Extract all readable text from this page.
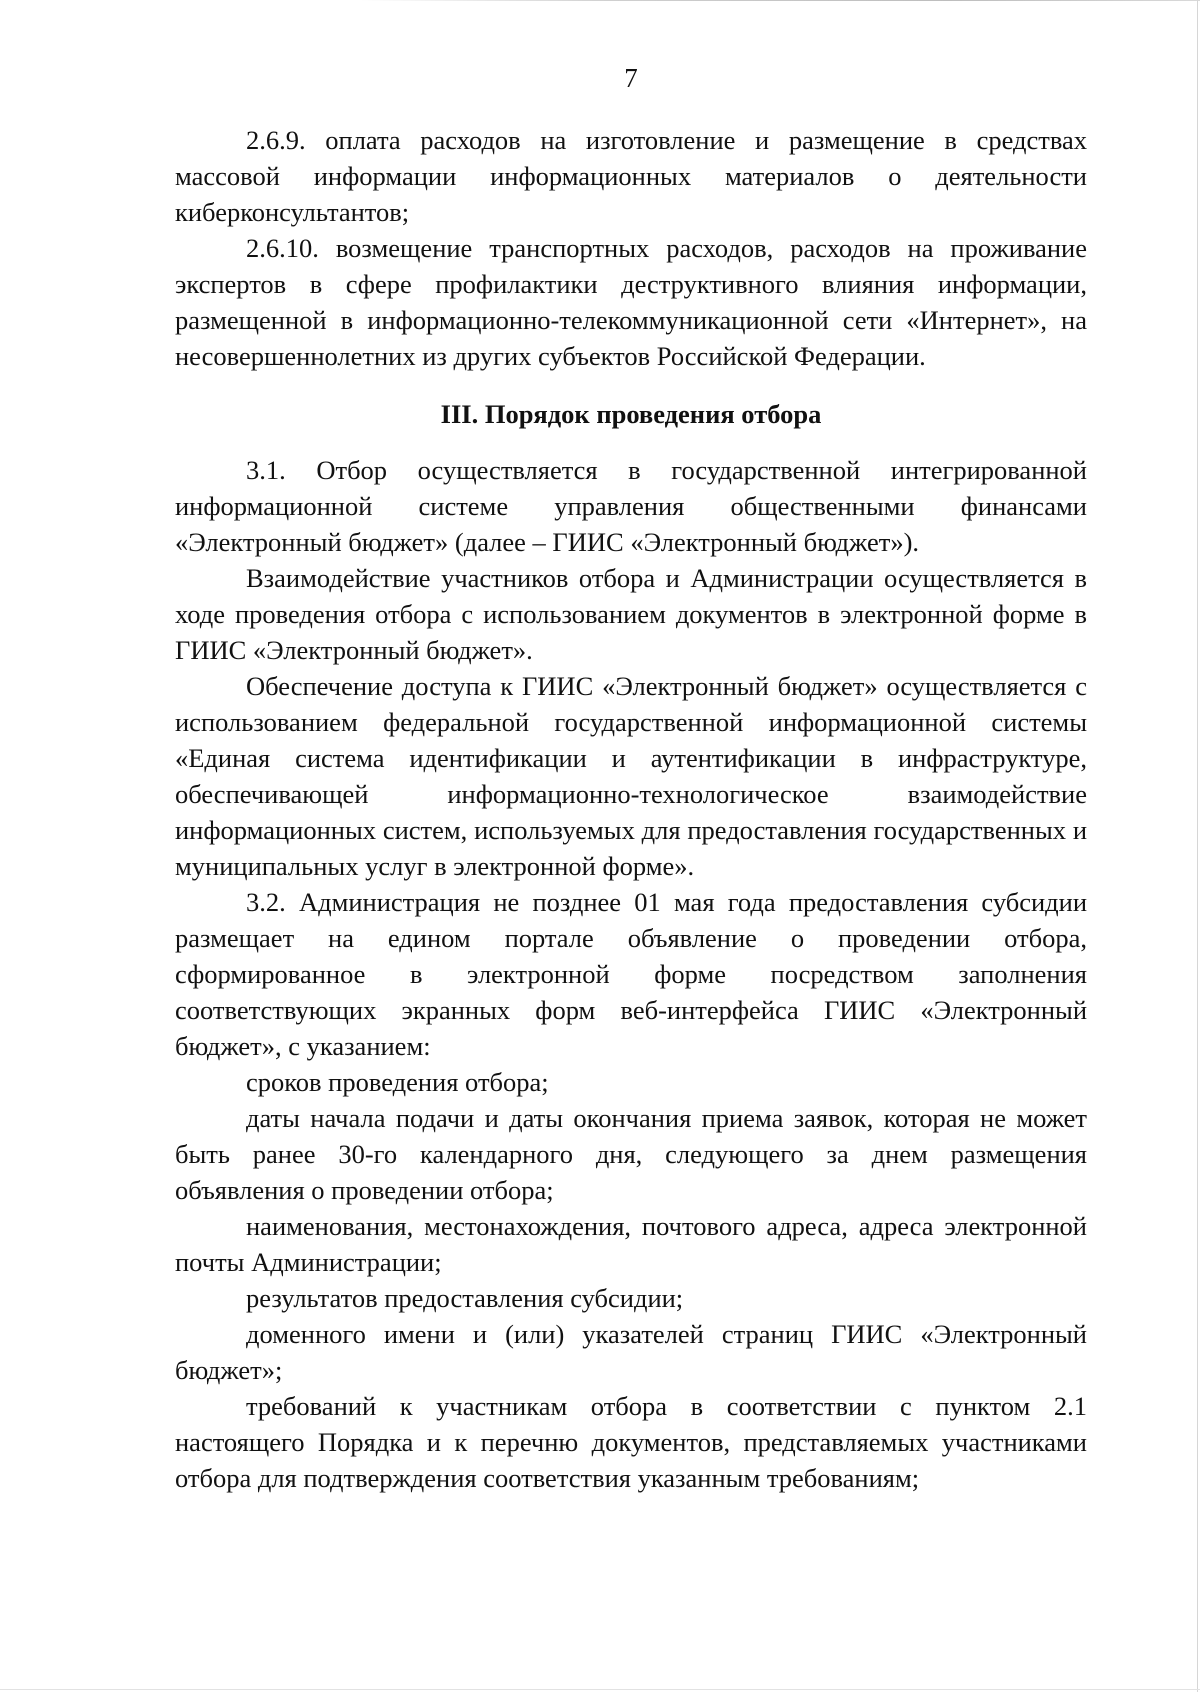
7

2.6.9. оплата расходов на изготовление и размещение в средствах массовой информации информационных материалов о деятельности киберконсультантов;

2.6.10. возмещение транспортных расходов, расходов на проживание экспертов в сфере профилактики деструктивного влияния информации, размещенной в информационно-телекоммуникационной сети «Интернет», на несовершеннолетних из других субъектов Российской Федерации.

III. Порядок проведения отбора

3.1. Отбор осуществляется в государственной интегрированной информационной системе управления общественными финансами «Электронный бюджет» (далее – ГИИС «Электронный бюджет»).

Взаимодействие участников отбора и Администрации осуществляется в ходе проведения отбора с использованием документов в электронной форме в ГИИС «Электронный бюджет».

Обеспечение доступа к ГИИС «Электронный бюджет» осуществляется с использованием федеральной государственной информационной системы «Единая система идентификации и аутентификации в инфраструктуре, обеспечивающей информационно-технологическое взаимодействие информационных систем, используемых для предоставления государственных и муниципальных услуг в электронной форме».

3.2. Администрация не позднее 01 мая года предоставления субсидии размещает на едином портале объявление о проведении отбора, сформированное в электронной форме посредством заполнения соответствующих экранных форм веб-интерфейса ГИИС «Электронный бюджет», с указанием:

сроков проведения отбора;

даты начала подачи и даты окончания приема заявок, которая не может быть ранее 30-го календарного дня, следующего за днем размещения объявления о проведении отбора;

наименования, местонахождения, почтового адреса, адреса электронной почты Администрации;

результатов предоставления субсидии;

доменного имени и (или) указателей страниц ГИИС «Электронный бюджет»;

требований к участникам отбора в соответствии с пунктом 2.1 настоящего Порядка и к перечню документов, представляемых участниками отбора для подтверждения соответствия указанным требованиям;
